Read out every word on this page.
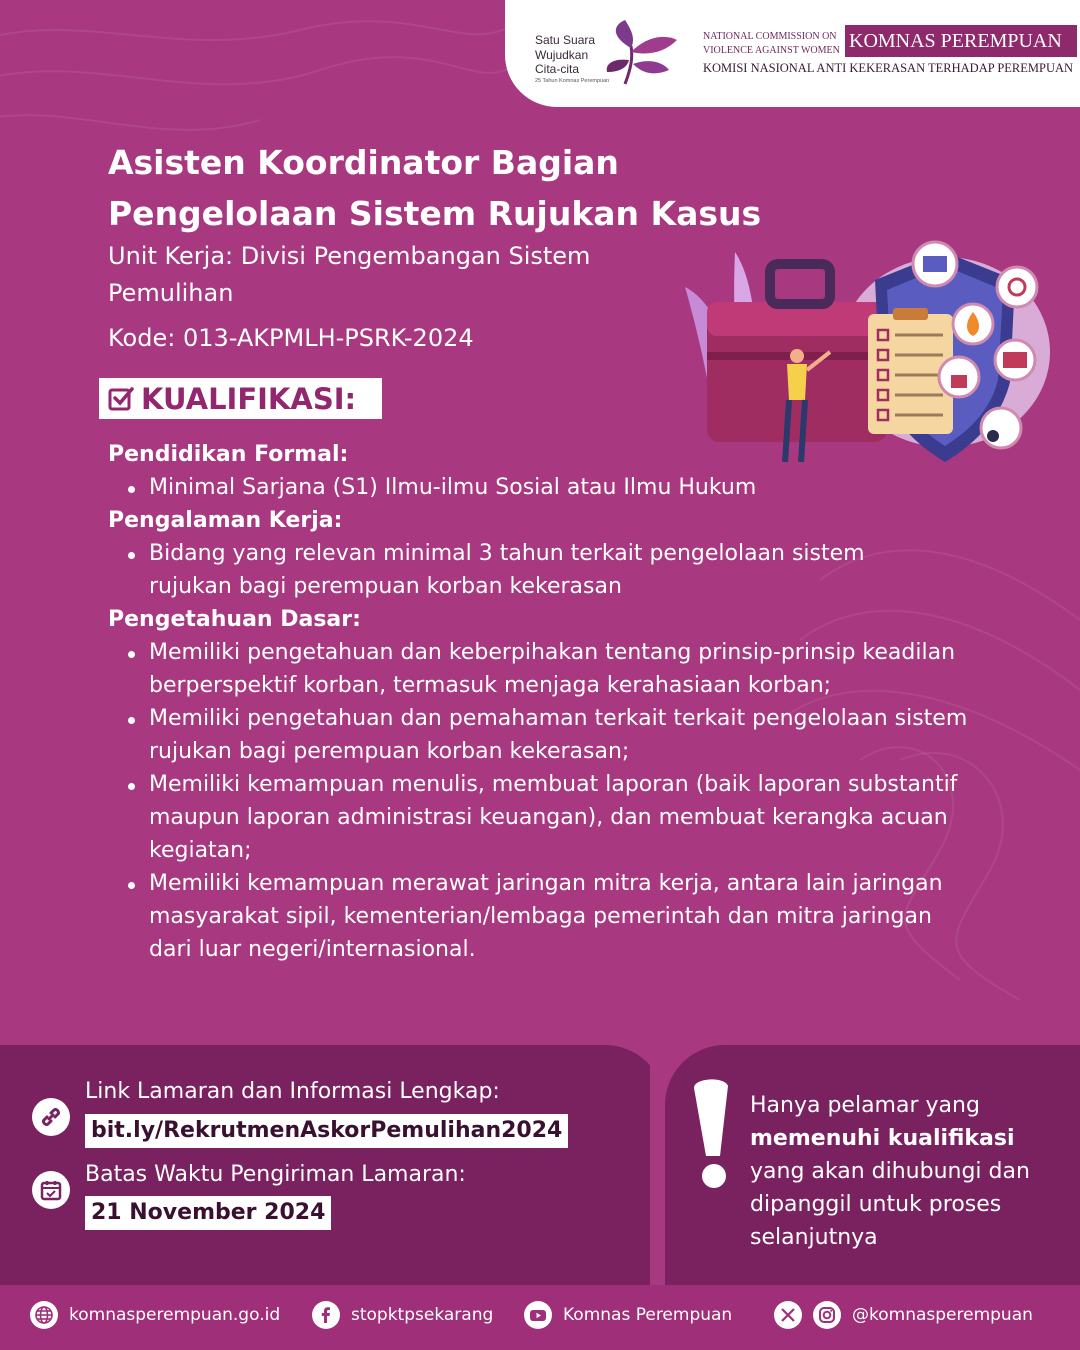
Satu Suara
Wujudkan
Cita-cita
25 Tahun Komnas Perempuan
NATIONAL COMMISSION ON
VIOLENCE AGAINST WOMEN KOMNAS PEREMPUAN
KOMISI NASIONAL ANTI KEKERASAN TERHADAP PEREMPUAN
Asisten Koordinator Bagian
Pengelolaan Sistem Rujukan Kasus
Unit Kerja: Divisi Pengembangan Sistem
Pemulihan
Kode: 013-AKPMLH-PSRK-2024
KUALIFIKASI:
Pendidikan Formal:
Minimal Sarjana (S1) Ilmu-ilmu Sosial atau Ilmu Hukum
Pengalaman Kerja:
Bidang yang relevan minimal 3 tahun terkait pengelolaan sistem rujukan bagi perempuan korban kekerasan
Pengetahuan Dasar:
Memiliki pengetahuan dan keberpihakan tentang prinsip-prinsip keadilan berperspektif korban, termasuk menjaga kerahasiaan korban;
Memiliki pengetahuan dan pemahaman terkait terkait pengelolaan sistem rujukan bagi perempuan korban kekerasan;
Memiliki kemampuan menulis, membuat laporan (baik laporan substantif maupun laporan administrasi keuangan), dan membuat kerangka acuan kegiatan;
Memiliki kemampuan merawat jaringan mitra kerja, antara lain jaringan masyarakat sipil, kementerian/lembaga pemerintah dan mitra jaringan dari luar negeri/internasional.
Link Lamaran dan Informasi Lengkap:
bit.ly/RekrutmenAskorPemulihan2024
Batas Waktu Pengiriman Lamaran:
21 November 2024
Hanya pelamar yang
memenuhi kualifikasi
yang akan dihubungi dan dipanggil untuk proses selanjutnya
komnasperempuan.go.id	stopktpsekarang	Komnas Perempuan	@komnasperempuan
